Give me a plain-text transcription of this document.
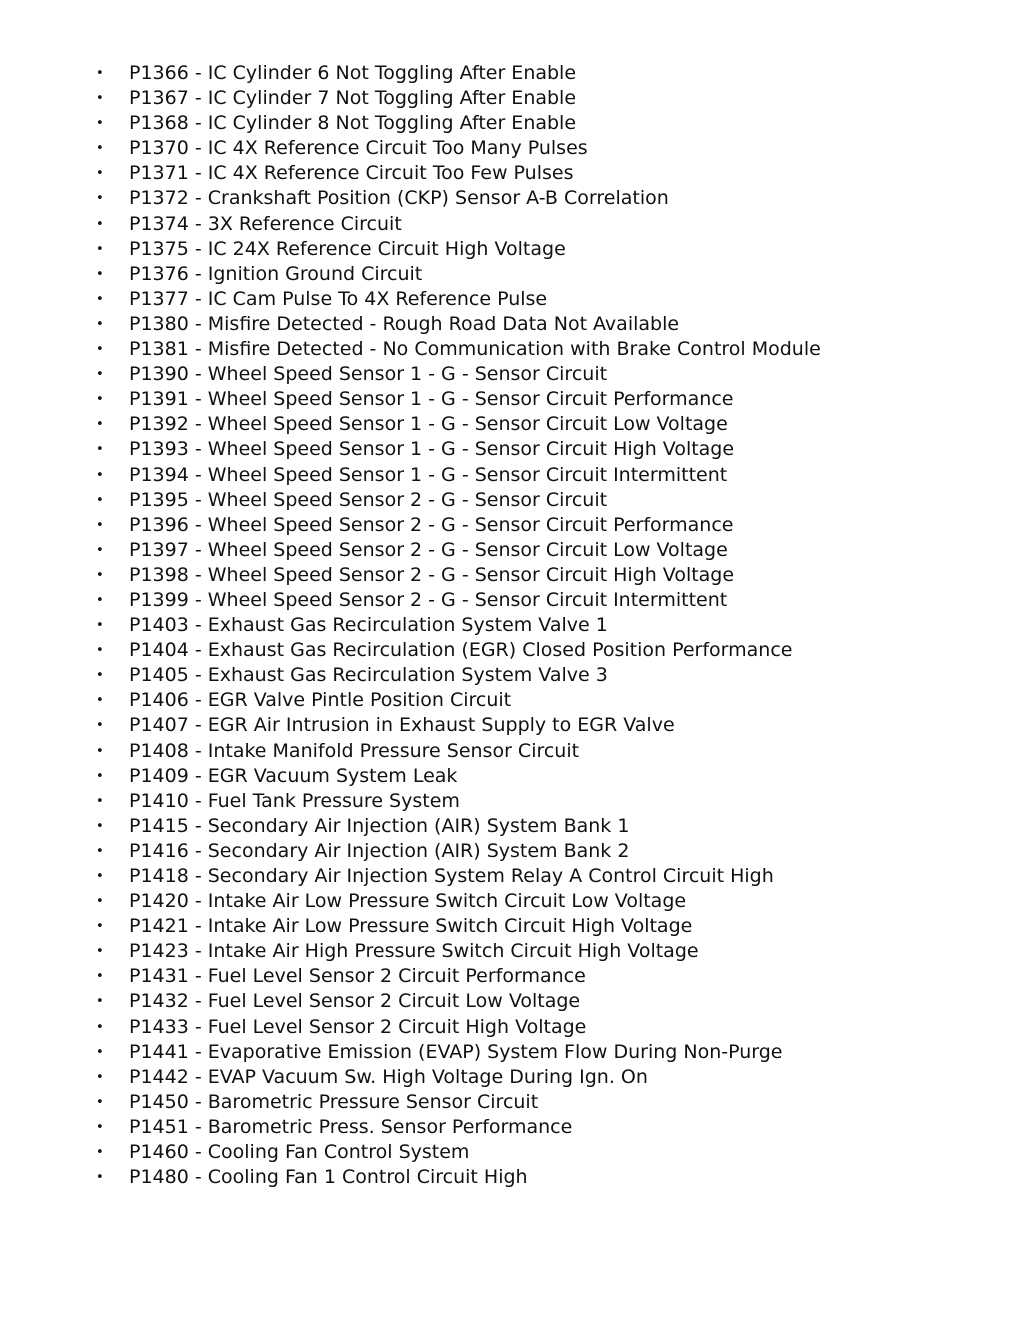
•	P1366 - IC Cylinder 6 Not Toggling After Enable
•	P1367 - IC Cylinder 7 Not Toggling After Enable
•	P1368 - IC Cylinder 8 Not Toggling After Enable
•	P1370 - IC 4X Reference Circuit Too Many Pulses
•	P1371 - IC 4X Reference Circuit Too Few Pulses
•	P1372 - Crankshaft Position (CKP) Sensor A-B Correlation
•	P1374 - 3X Reference Circuit
•	P1375 - IC 24X Reference Circuit High Voltage
•	P1376 - Ignition Ground Circuit
•	P1377 - IC Cam Pulse To 4X Reference Pulse
•	P1380 - Misfire Detected - Rough Road Data Not Available
•	P1381 - Misfire Detected - No Communication with Brake Control Module
•	P1390 - Wheel Speed Sensor 1 - G - Sensor Circuit
•	P1391 - Wheel Speed Sensor 1 - G - Sensor Circuit Performance
•	P1392 - Wheel Speed Sensor 1 - G - Sensor Circuit Low Voltage
•	P1393 - Wheel Speed Sensor 1 - G - Sensor Circuit High Voltage
•	P1394 - Wheel Speed Sensor 1 - G - Sensor Circuit Intermittent
•	P1395 - Wheel Speed Sensor 2 - G - Sensor Circuit
•	P1396 - Wheel Speed Sensor 2 - G - Sensor Circuit Performance
•	P1397 - Wheel Speed Sensor 2 - G - Sensor Circuit Low Voltage
•	P1398 - Wheel Speed Sensor 2 - G - Sensor Circuit High Voltage
•	P1399 - Wheel Speed Sensor 2 - G - Sensor Circuit Intermittent
•	P1403 - Exhaust Gas Recirculation System Valve 1
•	P1404 - Exhaust Gas Recirculation (EGR) Closed Position Performance
•	P1405 - Exhaust Gas Recirculation System Valve 3
•	P1406 - EGR Valve Pintle Position Circuit
•	P1407 - EGR Air Intrusion in Exhaust Supply to EGR Valve
•	P1408 - Intake Manifold Pressure Sensor Circuit
•	P1409 - EGR Vacuum System Leak
•	P1410 - Fuel Tank Pressure System
•	P1415 - Secondary Air Injection (AIR) System Bank 1
•	P1416 - Secondary Air Injection (AIR) System Bank 2
•	P1418 - Secondary Air Injection System Relay A Control Circuit High
•	P1420 - Intake Air Low Pressure Switch Circuit Low Voltage
•	P1421 - Intake Air Low Pressure Switch Circuit High Voltage
•	P1423 - Intake Air High Pressure Switch Circuit High Voltage
•	P1431 - Fuel Level Sensor 2 Circuit Performance
•	P1432 - Fuel Level Sensor 2 Circuit Low Voltage
•	P1433 - Fuel Level Sensor 2 Circuit High Voltage
•	P1441 - Evaporative Emission (EVAP) System Flow During Non-Purge
•	P1442 - EVAP Vacuum Sw. High Voltage During Ign. On
•	P1450 - Barometric Pressure Sensor Circuit
•	P1451 - Barometric Press. Sensor Performance
•	P1460 - Cooling Fan Control System
•	P1480 - Cooling Fan 1 Control Circuit High
